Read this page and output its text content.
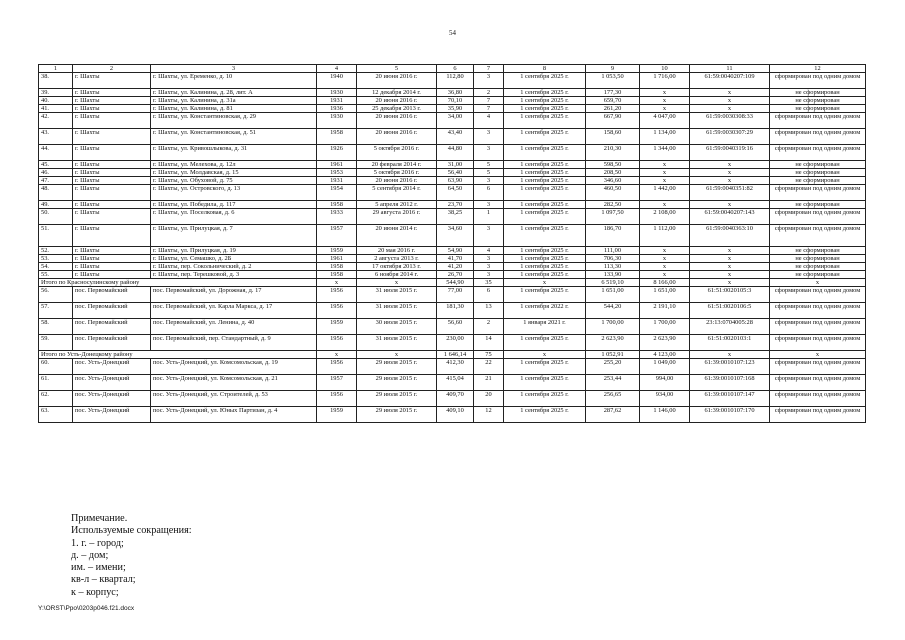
54
1	2	3	4	5	6	7	8	9	10	11	12
38.	г. Шахты	г. Шахты, ул. Еременко, д. 10	1940	20 июня 2016 г.	112,80	3	1 сентября 2025 г.	1 053,50	1 716,00	61:59:0040207:109	сформирован под одним домом
39.	г. Шахты	г. Шахты, ул. Калинина, д. 28, лит. А	1930	12 декабря 2014 г.	36,80	2	1 сентября 2025 г.	177,30	х	х	не сформирован
40.	г. Шахты	г. Шахты, ул. Калинина, д. 31а	1931	20 июня 2016 г.	70,10	7	1 сентября 2025 г.	659,70	х	х	не сформирован
41.	г. Шахты	г. Шахты, ул. Калинина, д. 81	1936	25 декабря 2013 г.	35,90	7	1 сентября 2025 г.	261,20	х	х	не сформирован
42.	г. Шахты	г. Шахты, ул. Константиновская, д. 29	1930	20 июня 2016 г.	34,00	4	1 сентября 2025 г.	667,90	4 047,00	61:59:0030308:33	сформирован под одним домом
43.	г. Шахты	г. Шахты, ул. Константиновская, д. 51	1958	20 июня 2016 г.	43,40	3	1 сентября 2025 г.	158,60	1 134,00	61:59:0030307:29	сформирован под одним домом
44.	г. Шахты	г. Шахты, ул. Кривошлыкова, д. 31	1926	5 октября 2016 г.	44,80	3	1 сентября 2025 г.	210,30	1 344,00	61:59:0040319:16	сформирован под одним домом
45.	г. Шахты	г. Шахты, ул. Мелехова, д. 12л	1961	20 февраля 2014 г.	31,00	5	1 сентября 2025 г.	598,50	х	х	не сформирован
46.	г. Шахты	г. Шахты, ул. Молдавская, д. 15	1953	5 октября 2016 г.	56,40	5	1 сентября 2025 г.	208,50	х	х	не сформирован
47.	г. Шахты	г. Шахты, ул. Обуховой, д. 75	1931	20 июня 2016 г.	63,90	3	1 сентября 2025 г.	346,60	х	х	не сформирован
48.	г. Шахты	г. Шахты, ул. Островского, д. 13	1954	5 сентября 2014 г.	64,50	6	1 сентября 2025 г.	460,50	1 442,00	61:59:0040351:82	сформирован под одним домом
49.	г. Шахты	г. Шахты, ул. Победила, д. 117	1958	5 апреля 2012 г.	23,70	3	1 сентября 2025 г.	282,50	х	х	не сформирован
50.	г. Шахты	г. Шахты, ул. Поселковая, д. 6	1933	29 августа 2016 г.	38,25	1	1 сентября 2025 г.	1 097,50	2 108,00	61:59:0040207:143	сформирован под одним домом
51.	г. Шахты	г. Шахты, ул. Прилуцкая, д. 7	1957	20 июня 2014 г.	34,60	3	1 сентября 2025 г.	186,70	1 112,00	61:59:0040363:10	сформирован под одним домом
52.	г. Шахты	г. Шахты, ул. Прилуцкая, д. 19	1959	20 мая 2016 г.	54,90	4	1 сентября 2025 г.	111,00	х	х	не сформирован
53.	г. Шахты	г. Шахты, ул. Семашко, д. 2Б	1961	2 августа 2013 г.	41,70	3	1 сентября 2025 г.	706,30	х	х	не сформирован
54.	г. Шахты	г. Шахты, пер. Сокольнический, д. 2	1958	17 октября 2013 г.	41,20	3	1 сентября 2025 г.	113,30	х	х	не сформирован
55.	г. Шахты	г. Шахты, пер. Терешковой, д. 3	1958	6 ноября 2014 г.	26,70	3	1 сентября 2025 г.	133,90	х	х	не сформирован
Итого по Красносулинскому району			х	х	544,90	35	х	6 519,10	8 166,00	х	х
56.	пос. Первомайский	пос. Первомайский, ул. Дорожная, д. 17	1956	31 июля 2015 г.	77,00	6	1 сентября 2025 г.	1 651,00	1 651,00	61:51:0020105:3	сформирован под одним домом
57.	пос. Первомайский	пос. Первомайский, ул. Карла Маркса, д. 17	1956	31 июля 2015 г.	181,30	13	1 сентября 2022 г.	544,20	2 191,10	61:51:0020106:5	сформирован под одним домом
58.	пос. Первомайский	пос. Первомайский, ул. Ленина, д. 40	1959	30 июля 2015 г.	56,60	2	1 января 2021 г.	1 700,00	1 700,00	23:13:0704005:28	сформирован под одним домом
59.	пос. Первомайский	пос. Первомайский, пер. Стандартный, д. 9	1956	31 июля 2015 г.	230,00	14	1 сентября 2025 г.	2 623,90	2 623,90	61:51:0020103:1	сформирован под одним домом
Итого по Усть-Донецкому району			х	х	1 646,14	75	х	1 052,91	4 123,00	х	х
60.	пос. Усть-Донецкий	пос. Усть-Донецкий, ул. Комсомольская, д. 19	1956	29 июля 2015 г.	412,30	22	1 сентября 2025 г.	255,20	1 049,00	61:39:0010107:123	сформирован под одним домом
61.	пос. Усть-Донецкий	пос. Усть-Донецкий, ул. Комсомольская, д. 21	1957	29 июля 2015 г.	415,04	21	1 сентября 2025 г.	253,44	994,00	61:39:0010107:168	сформирован под одним домом
62.	пос. Усть-Донецкий	пос. Усть-Донецкий, ул. Строителей, д. 53	1956	29 июля 2015 г.	409,70	20	1 сентября 2025 г.	256,65	934,00	61:39:0010107:147	сформирован под одним домом
63.	пос. Усть-Донецкий	пос. Усть-Донецкий, ул. Юных Партизан, д. 4	1959	29 июля 2015 г.	409,10	12	1 сентября 2025 г.	287,62	1 146,00	61:39:0010107:170	сформирован под одним домом
Примечание.
Используемые сокращения:
1. г. – город;
д. – дом;
им. – имени;
кв-л – квартал;
к – корпус;
Y:\ORST\Ppo\0203p046.f21.docx
